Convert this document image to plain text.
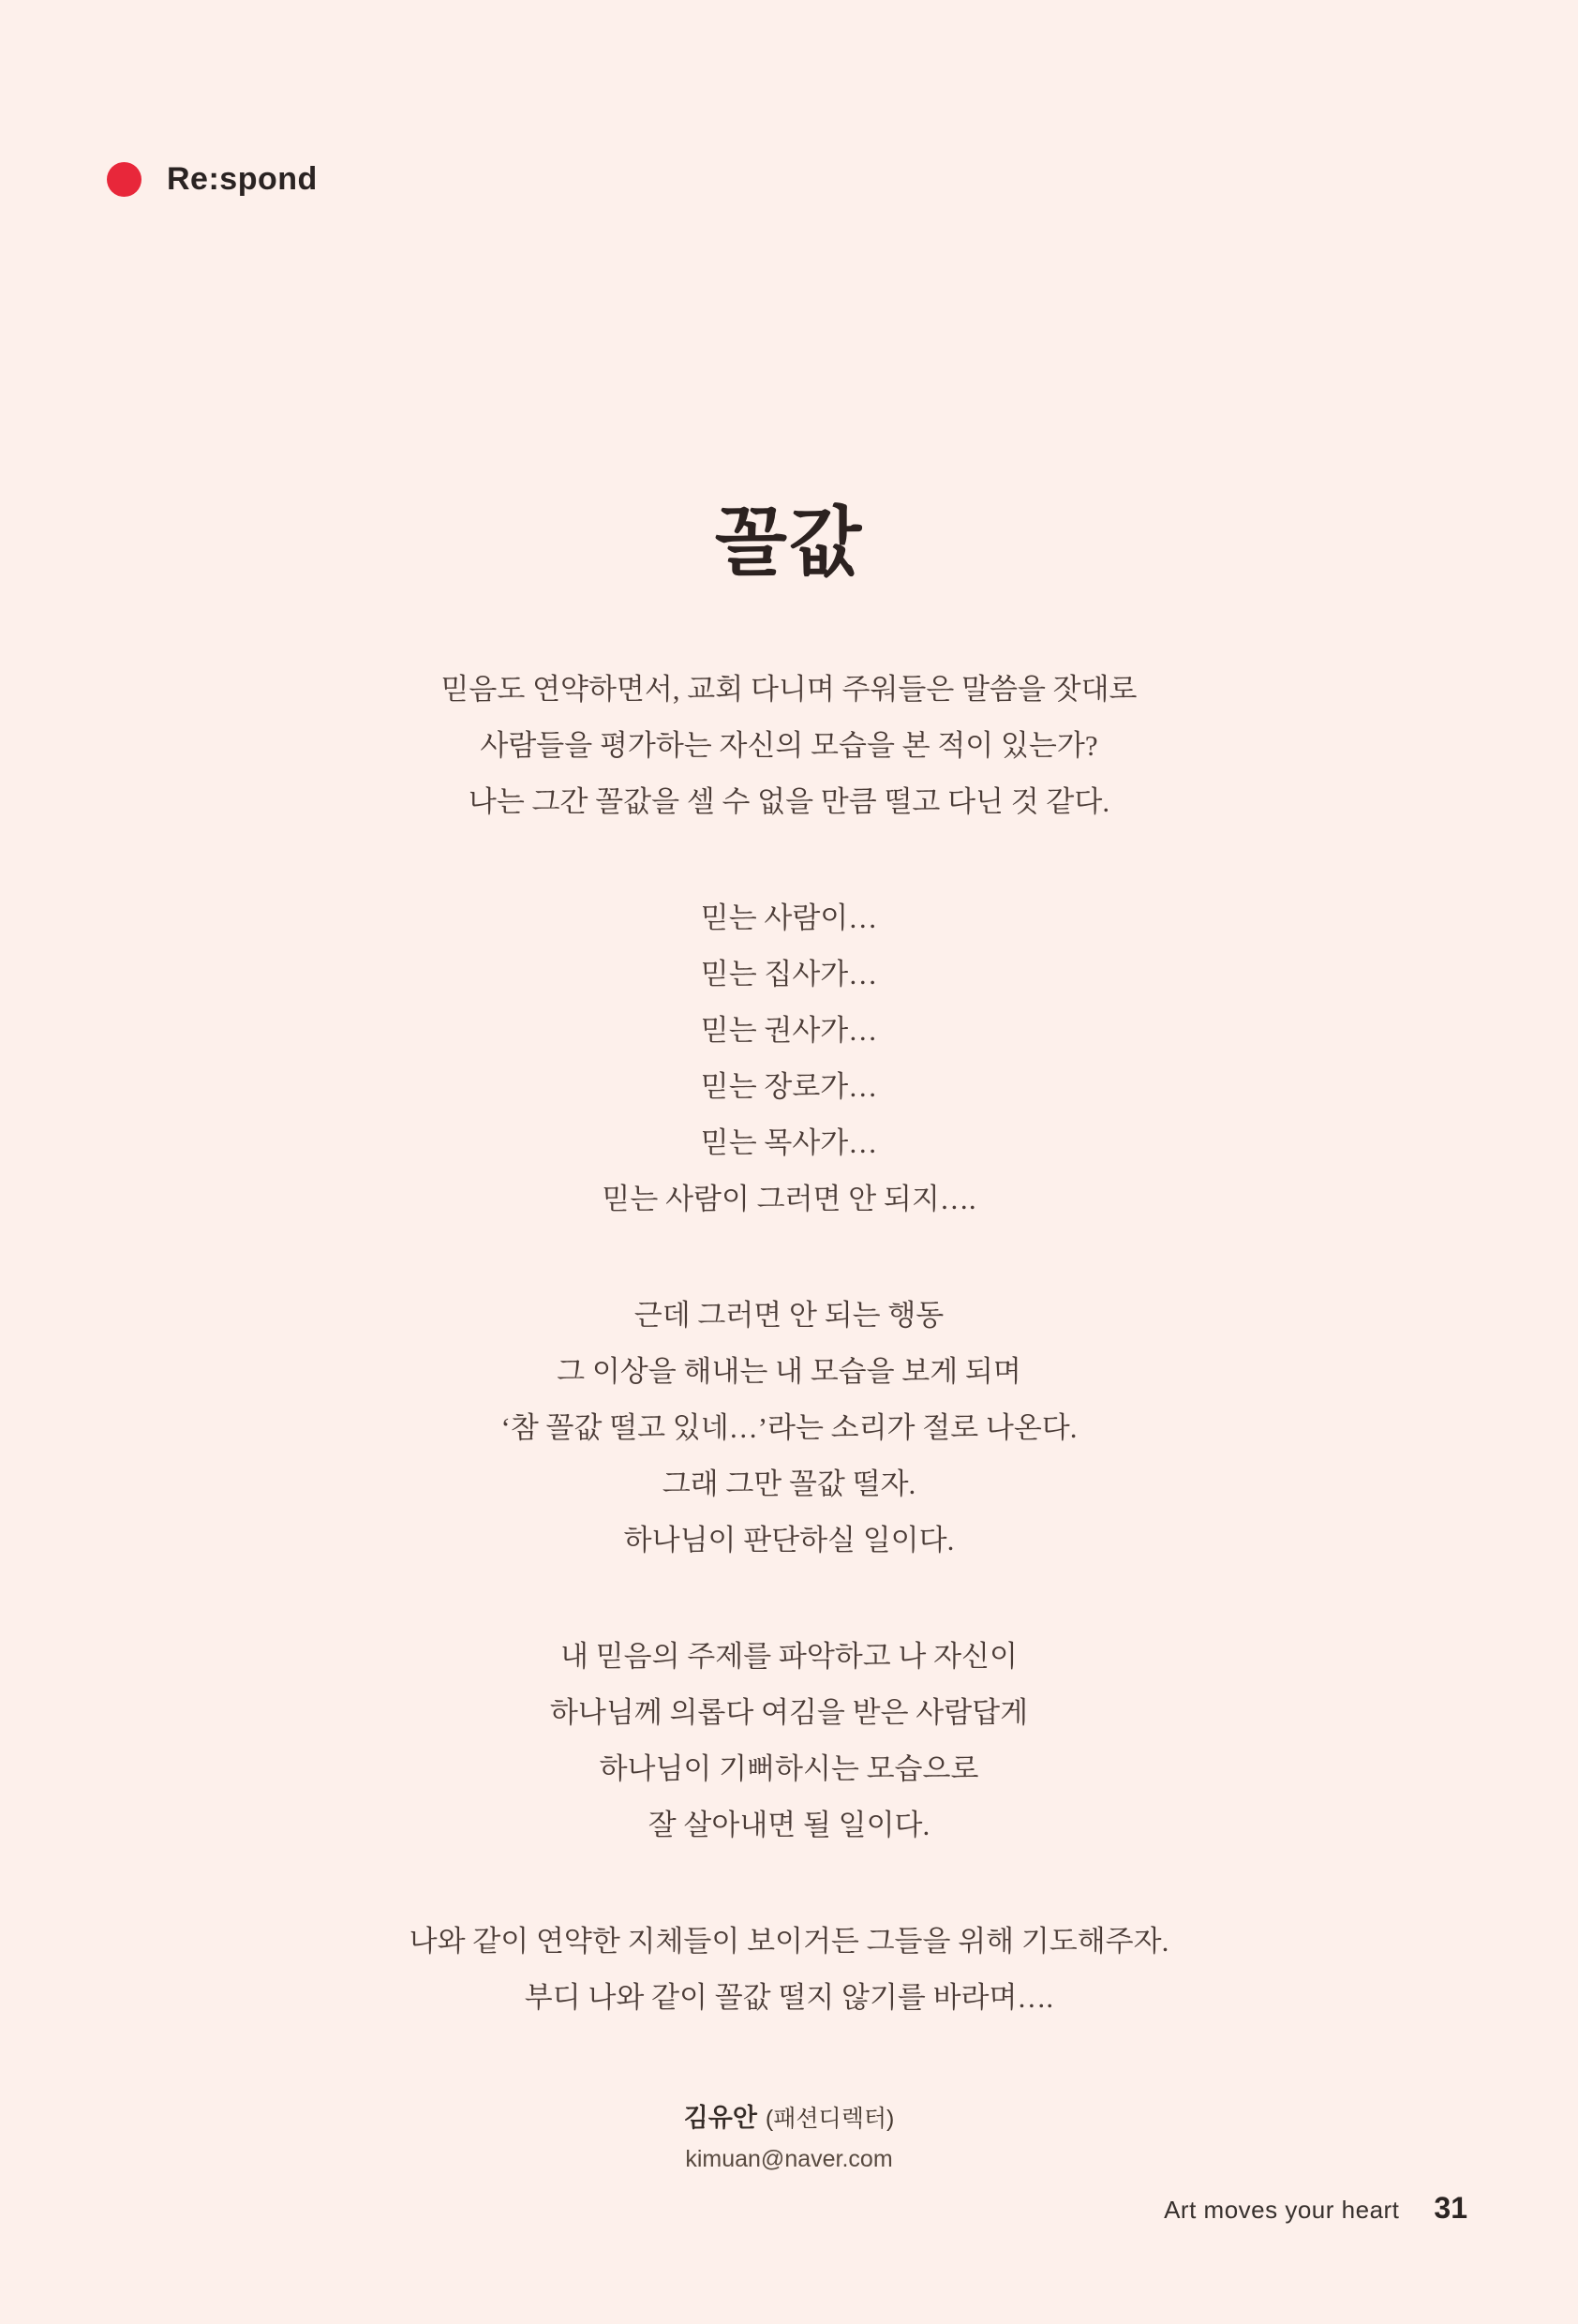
Re:spond
꼴값
믿음도 연약하면서, 교회 다니며 주워들은 말씀을 잣대로
사람들을 평가하는 자신의 모습을 본 적이 있는가?
나는 그간 꼴값을 셀 수 없을 만큼 떨고 다닌 것 같다.
믿는 사람이…
믿는 집사가…
믿는 권사가…
믿는 장로가…
믿는 목사가…
믿는 사람이 그러면 안 되지….
근데 그러면 안 되는 행동
그 이상을 해내는 내 모습을 보게 되며
‘참 꼴값 떨고 있네…’라는 소리가 절로 나온다.
그래 그만 꼴값 떨자.
하나님이 판단하실 일이다.
내 믿음의 주제를 파악하고 나 자신이
하나님께 의롭다 여김을 받은 사람답게
하나님이 기뻐하시는 모습으로
잘 살아내면 될 일이다.
나와 같이 연약한 지체들이 보이거든 그들을 위해 기도해주자.
부디 나와 같이 꼴값 떨지 않기를 바라며….
김유안 (패션디렉터)
kimuan@naver.com
Art moves your heart 31
